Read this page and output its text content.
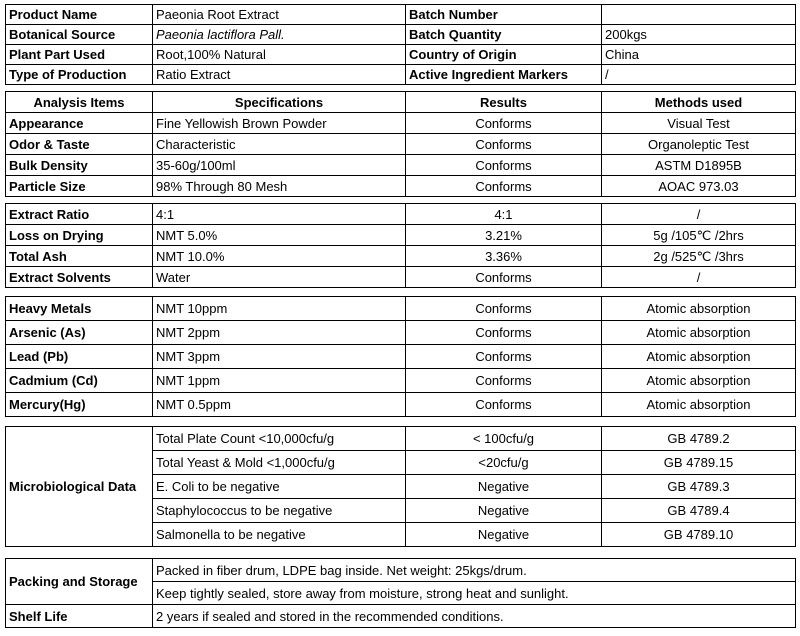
Product Name	Paeonia Root Extract	Batch Number	
Botanical Source	Paeonia lactiflora Pall.	Batch Quantity	200kgs
Plant Part Used	Root,100% Natural	Country of Origin	China
Type of Production	Ratio Extract	Active Ingredient Markers	/
Analysis Items	Specifications	Results	Methods used
Appearance	Fine Yellowish Brown Powder	Conforms	Visual Test
Odor & Taste	Characteristic	Conforms	Organoleptic Test
Bulk Density	35-60g/100ml	Conforms	ASTM D1895B
Particle Size	98% Through 80 Mesh	Conforms	AOAC 973.03
Extract Ratio	4:1	4:1	/
Loss on Drying	NMT 5.0%	3.21%	5g /105℃ /2hrs
Total Ash	NMT 10.0%	3.36%	2g /525℃ /3hrs
Extract Solvents	Water	Conforms	/
Heavy Metals	NMT 10ppm	Conforms	Atomic absorption
Arsenic (As)	NMT 2ppm	Conforms	Atomic absorption
Lead (Pb)	NMT 3ppm	Conforms	Atomic absorption
Cadmium (Cd)	NMT 1ppm	Conforms	Atomic absorption
Mercury(Hg)	NMT 0.5ppm	Conforms	Atomic absorption
Microbiological Data	Total Plate Count <10,000cfu/g	< 100cfu/g	GB 4789.2
	Total Yeast & Mold <1,000cfu/g	<20cfu/g	GB 4789.15
	E. Coli to be negative	Negative	GB 4789.3
	Staphylococcus to be negative	Negative	GB 4789.4
	Salmonella to be negative	Negative	GB 4789.10
Packing and Storage	Packed in fiber drum, LDPE bag inside. Net weight: 25kgs/drum.
	Keep tightly sealed, store away from moisture, strong heat and sunlight.
Shelf Life	2 years if sealed and stored in the recommended conditions.
